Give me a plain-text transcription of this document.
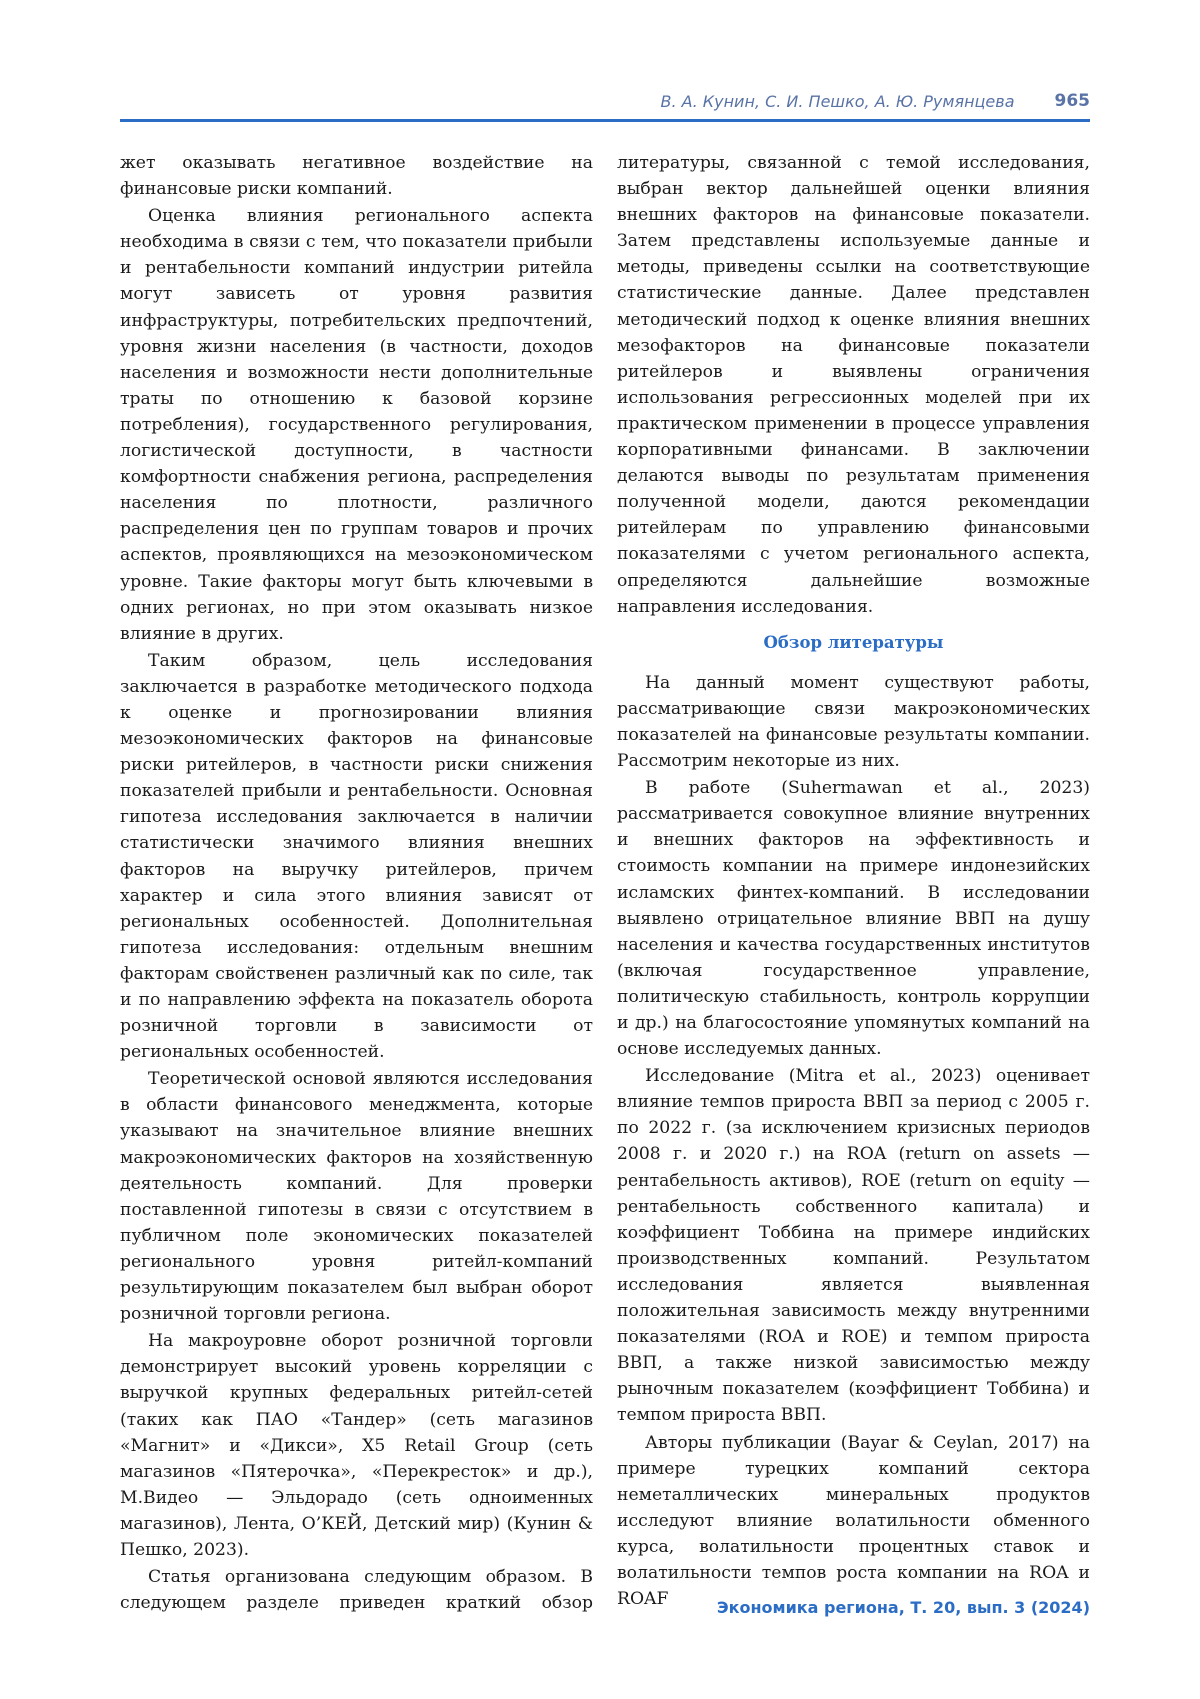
В. А. Кунин, С. И. Пешко, А. Ю. Румянцева 965

жет оказывать негативное воздействие на финансовые риски компаний.

Оценка влияния регионального аспекта необходима в связи с тем, что показатели прибыли и рентабельности компаний индустрии ритейла могут зависеть от уровня развития инфраструктуры, потребительских предпочтений, уровня жизни населения (в частности, доходов населения и возможности нести дополнительные траты по отношению к базовой корзине потребления), государственного регулирования, логистической доступности, в частности комфортности снабжения региона, распределения населения по плотности, различного распределения цен по группам товаров и прочих аспектов, проявляющихся на мезоэкономическом уровне. Такие факторы могут быть ключевыми в одних регионах, но при этом оказывать низкое влияние в других.

Таким образом, цель исследования заключается в разработке методического подхода к оценке и прогнозировании влияния мезоэкономических факторов на финансовые риски ритейлеров, в частности риски снижения показателей прибыли и рентабельности. Основная гипотеза исследования заключается в наличии статистически значимого влияния внешних факторов на выручку ритейлеров, причем характер и сила этого влияния зависят от региональных особенностей. Дополнительная гипотеза исследования: отдельным внешним факторам свойственен различный как по силе, так и по направлению эффекта на показатель оборота розничной торговли в зависимости от региональных особенностей.

Теоретической основой являются исследования в области финансового менеджмента, которые указывают на значительное влияние внешних макроэкономических факторов на хозяйственную деятельность компаний. Для проверки поставленной гипотезы в связи с отсутствием в публичном поле экономических показателей регионального уровня ритейл-компаний результирующим показателем был выбран оборот розничной торговли региона.

На макроуровне оборот розничной торговли демонстрирует высокий уровень корреляции с выручкой крупных федеральных ритейл-сетей (таких как ПАО «Тандер» (сеть магазинов «Магнит» и «Дикси», X5 Retail Group (сеть магазинов «Пятерочка», «Перекресток» и др.), М.Видео — Эльдорадо (сеть одноименных магазинов), Лента, О’КЕЙ, Детский мир) (Кунин & Пешко, 2023).

Статья организована следующим образом. В следующем разделе приведен краткий обзор

литературы, связанной с темой исследования, выбран вектор дальнейшей оценки влияния внешних факторов на финансовые показатели. Затем представлены используемые данные и методы, приведены ссылки на соответствующие статистические данные. Далее представлен методический подход к оценке влияния внешних мезофакторов на финансовые показатели ритейлеров и выявлены ограничения использования регрессионных моделей при их практическом применении в процессе управления корпоративными финансами. В заключении делаются выводы по результатам применения полученной модели, даются рекомендации ритейлерам по управлению финансовыми показателями с учетом регионального аспекта, определяются дальнейшие возможные направления исследования.

Обзор литературы

На данный момент существуют работы, рассматривающие связи макроэкономических показателей на финансовые результаты компании. Рассмотрим некоторые из них.

В работе (Suhermawan et al., 2023) рассматривается совокупное влияние внутренних и внешних факторов на эффективность и стоимость компании на примере индонезийских исламских финтех-компаний. В исследовании выявлено отрицательное влияние ВВП на душу населения и качества государственных институтов (включая государственное управление, политическую стабильность, контроль коррупции и др.) на благосостояние упомянутых компаний на основе исследуемых данных.

Исследование (Mitra et al., 2023) оценивает влияние темпов прироста ВВП за период с 2005 г. по 2022 г. (за исключением кризисных периодов 2008 г. и 2020 г.) на ROA (return on assets — рентабельность активов), ROE (return on equity — рентабельность собственного капитала) и коэффициент Тоббина на примере индийских производственных компаний. Результатом исследования является выявленная положительная зависимость между внутренними показателями (ROA и ROE) и темпом прироста ВВП, а также низкой зависимостью между рыночным показателем (коэффициент Тоббина) и темпом прироста ВВП.

Авторы публикации (Bayar & Ceylan, 2017) на примере турецких компаний сектора неметаллических минеральных продуктов исследуют влияние волатильности обменного курса, волатильности процентных ставок и волатильности темпов роста компании на ROA и ROAF	Экономика региона, Т. 20, вып. 3 (2024)
